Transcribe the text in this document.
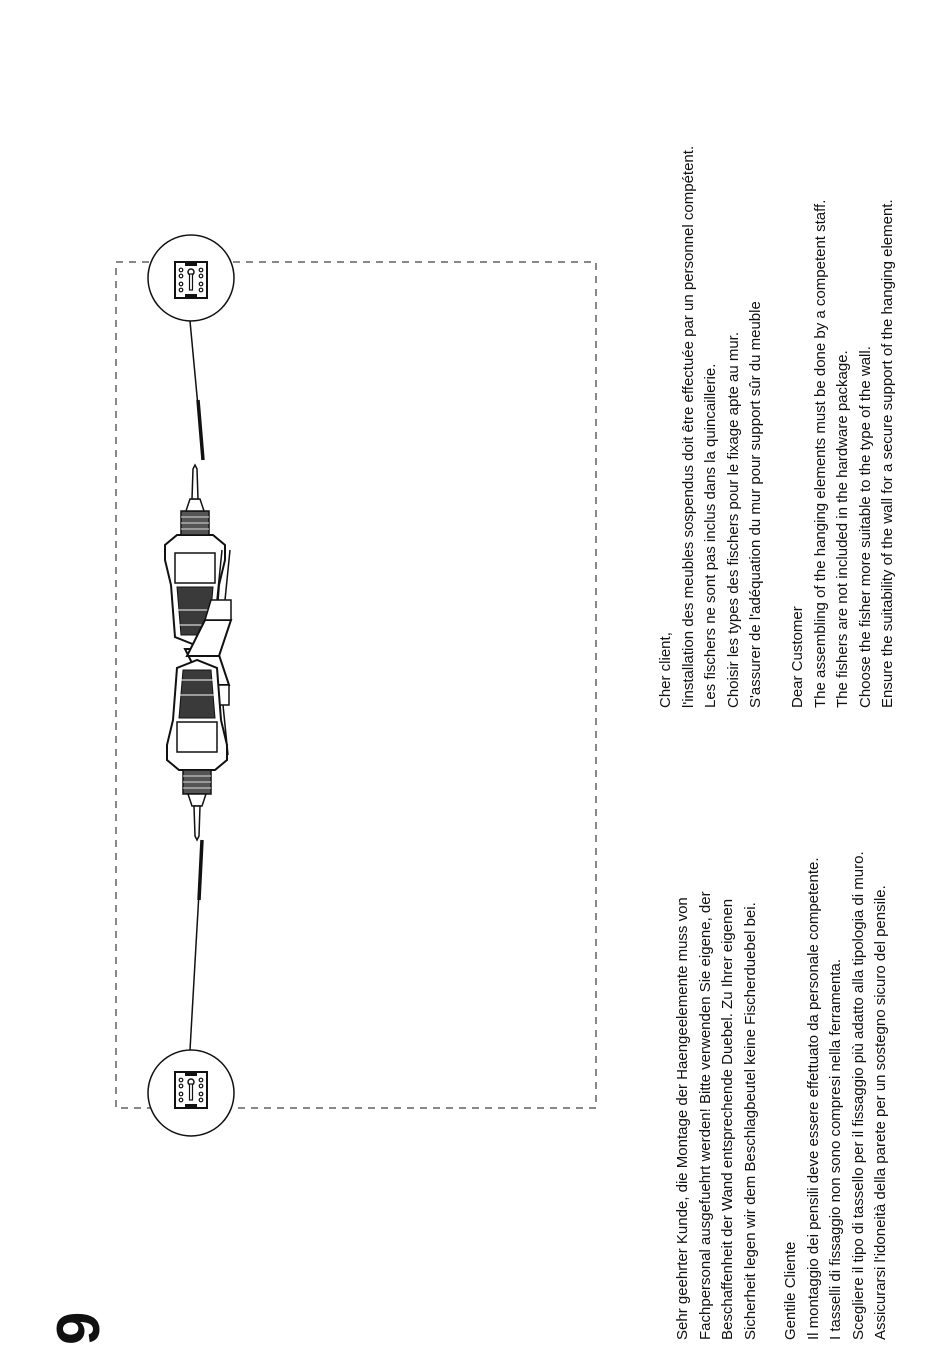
9	Sehr geehrter Kunde, die Montage der Haengeelemente muss von Fachpersonal ausgefuehrt werden! Bitte verwenden Sie eigene, der Beschaffenheit der Wand entsprechende Duebel. Zu Ihrer eigenen Sicherheit legen wir dem Beschlagbeutel keine Fischerduebel bei. Gentile Cliente Il montaggio dei pensili deve essere effettuato da personale competente. I tasselli di fissaggio non sono compresi nella ferramenta. Scegliere il tipo di tassello per il fissaggio più adatto alla tipologia di muro. Assicurarsi l'idoneità della parete per un sostegno sicuro del pensile.
Cher client, l'installation des meubles sospendus doit être effectuée par un personnel compétent. Les fischers ne sont pas inclus dans la quincaillerie. Choisir les types des fischers pour le fixage apte au mur. S'assurer de l'adéquation du mur pour support sûr du meuble Dear Customer The assembling of the hanging elements must be done by a competent staff. The fishers are not included in the hardware package. Choose the fisher more suitable to the type of the wall. Ensure the suitability of the wall for a secure support of the hanging element.
